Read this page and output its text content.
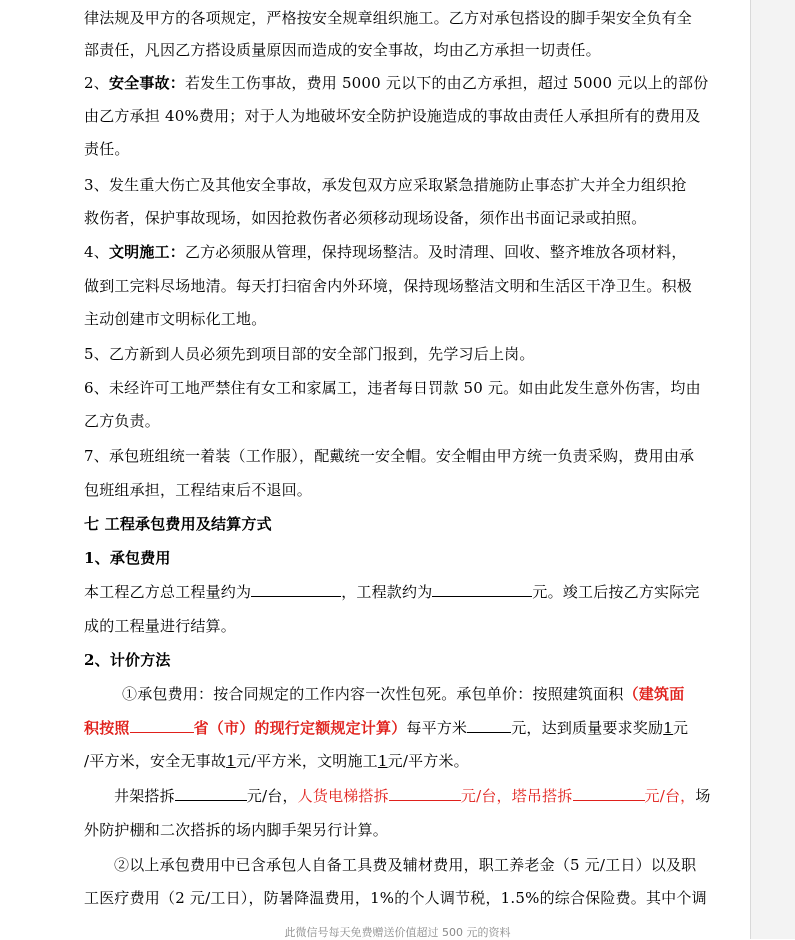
律法规及甲方的各项规定，严格按安全规章组织施工。乙方对承包搭设的脚手架安全负有全
部责任，凡因乙方搭设质量原因而造成的安全事故，均由乙方承担一切责任。
2、安全事故：若发生工伤事故，费用 5000 元以下的由乙方承担，超过 5000 元以上的部份
由乙方承担 40%费用；对于人为地破坏安全防护设施造成的事故由责任人承担所有的费用及
责任。
3、发生重大伤亡及其他安全事故，承发包双方应采取紧急措施防止事态扩大并全力组织抢
救伤者，保护事故现场，如因抢救伤者必须移动现场设备，须作出书面记录或拍照。
4、文明施工：乙方必须服从管理，保持现场整洁。及时清理、回收、整齐堆放各项材料，
做到工完料尽场地清。每天打扫宿舍内外环境，保持现场整洁文明和生活区干净卫生。积极
主动创建市文明标化工地。
5、乙方新到人员必须先到项目部的安全部门报到，先学习后上岗。
6、未经许可工地严禁住有女工和家属工，违者每日罚款 50 元。如由此发生意外伤害，均由
乙方负责。
7、承包班组统一着装（工作服），配戴统一安全帽。安全帽由甲方统一负责采购，费用由承
包班组承担，工程结束后不退回。
七 工程承包费用及结算方式
1、承包费用
本工程乙方总工程量约为	，工程款约为	元。竣工后按乙方实际完
成的工程量进行结算。
2、计价方法
①承包费用：按合同规定的工作内容一次性包死。承包单价：按照建筑面积（建筑面
积按照	省（市）的现行定额规定计算）每平方米	元，达到质量要求奖励1元
/平方米，安全无事故1元/平方米，文明施工1元/平方米。
井架搭拆	元/台，人货电梯搭拆	元/台，塔吊搭拆	元/台，场
外防护棚和二次搭拆的场内脚手架另行计算。
②以上承包费用中已含承包人自备工具费及辅材费用，职工养老金（5 元/工日）以及职
工医疗费用（2 元/工日），防暑降温费用，1%的个人调节税，1.5%的综合保险费。其中个调
此微信号每天免费赠送价值超过 500 元的资料
